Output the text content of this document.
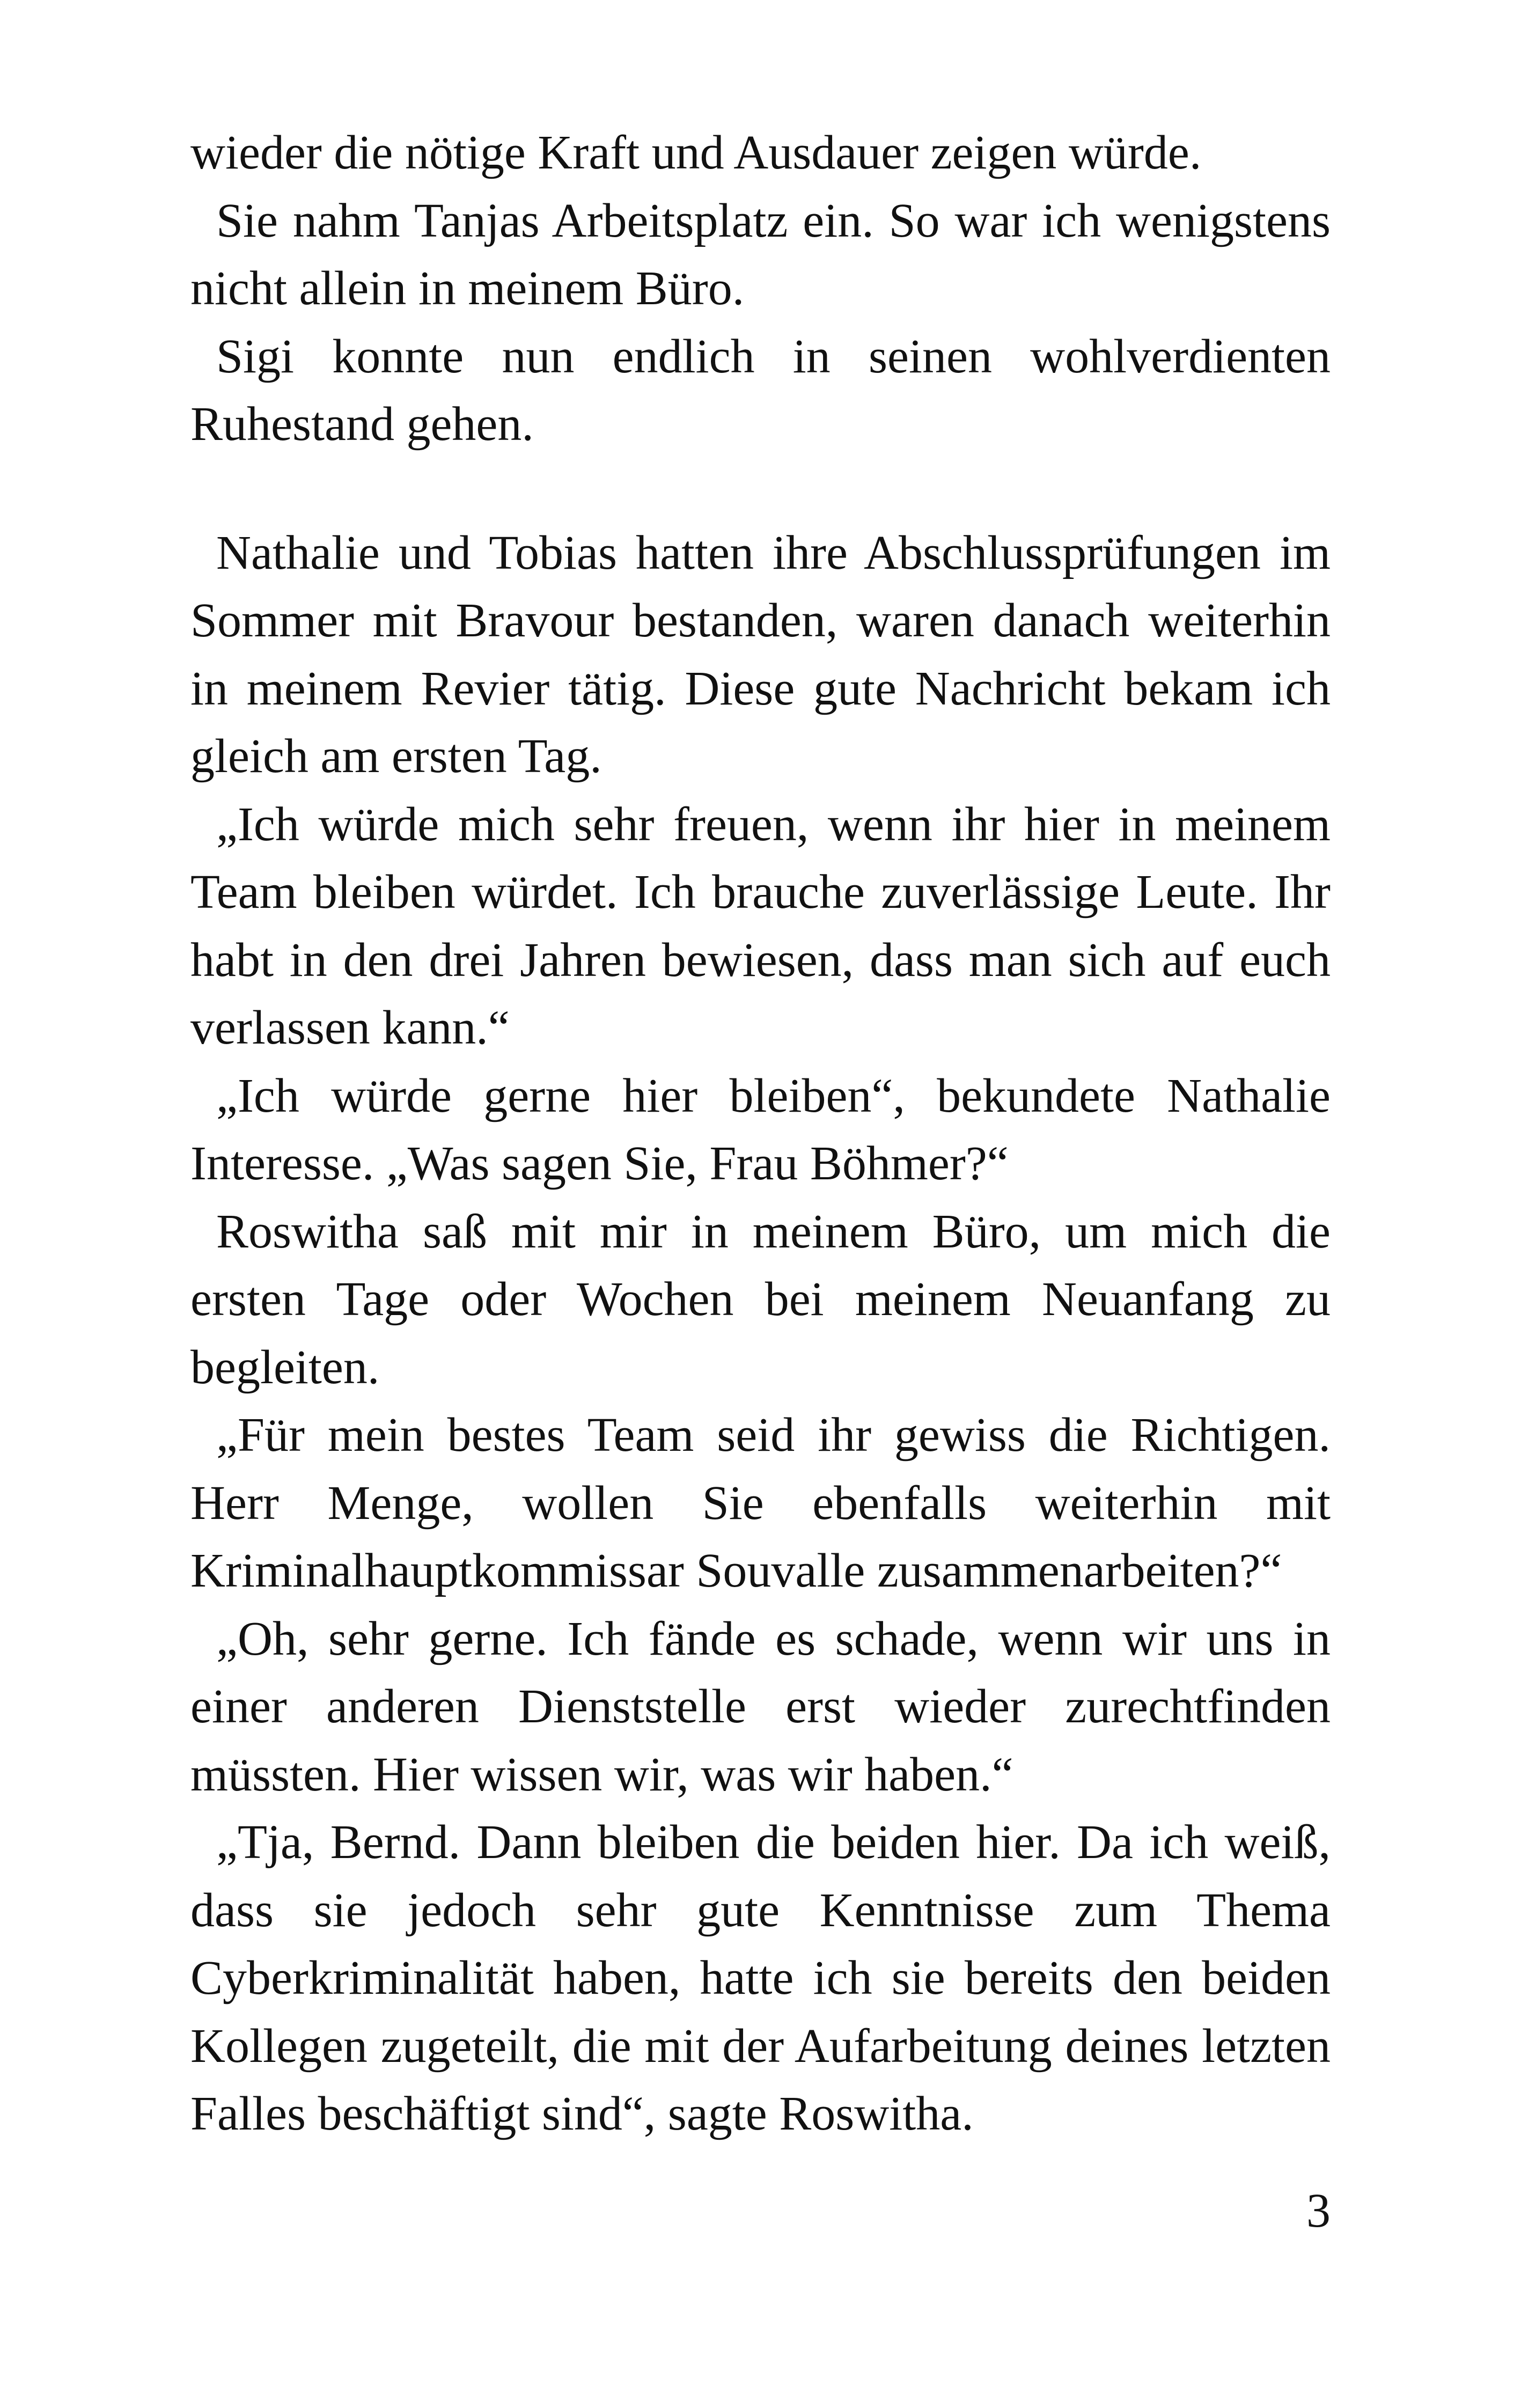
wieder die nötige Kraft und Ausdauer zeigen würde.

Sie nahm Tanjas Arbeitsplatz ein. So war ich wenigstens nicht allein in meinem Büro.

Sigi konnte nun endlich in seinen wohlverdienten Ruhestand gehen.

Nathalie und Tobias hatten ihre Abschlussprüfungen im Sommer mit Bravour bestanden, waren danach weiterhin in meinem Revier tätig. Diese gute Nachricht bekam ich gleich am ersten Tag.

„Ich würde mich sehr freuen, wenn ihr hier in meinem Team bleiben würdet. Ich brauche zuverlässige Leute. Ihr habt in den drei Jahren bewiesen, dass man sich auf euch verlassen kann.“

„Ich würde gerne hier bleiben“, bekundete Nathalie Interesse. „Was sagen Sie, Frau Böhmer?“

Roswitha saß mit mir in meinem Büro, um mich die ersten Tage oder Wochen bei meinem Neuanfang zu begleiten.

„Für mein bestes Team seid ihr gewiss die Richtigen. Herr Menge, wollen Sie ebenfalls weiterhin mit Kriminalhauptkommissar Souvalle zusammenarbeiten?“

„Oh, sehr gerne. Ich fände es schade, wenn wir uns in einer anderen Dienststelle erst wieder zurechtfinden müssten. Hier wissen wir, was wir haben.“

„Tja, Bernd. Dann bleiben die beiden hier. Da ich weiß, dass sie jedoch sehr gute Kenntnisse zum Thema Cyberkriminalität haben, hatte ich sie bereits den beiden Kollegen zugeteilt, die mit der Aufarbeitung deines letzten Falles beschäftigt sind“, sagte Roswitha.

3
